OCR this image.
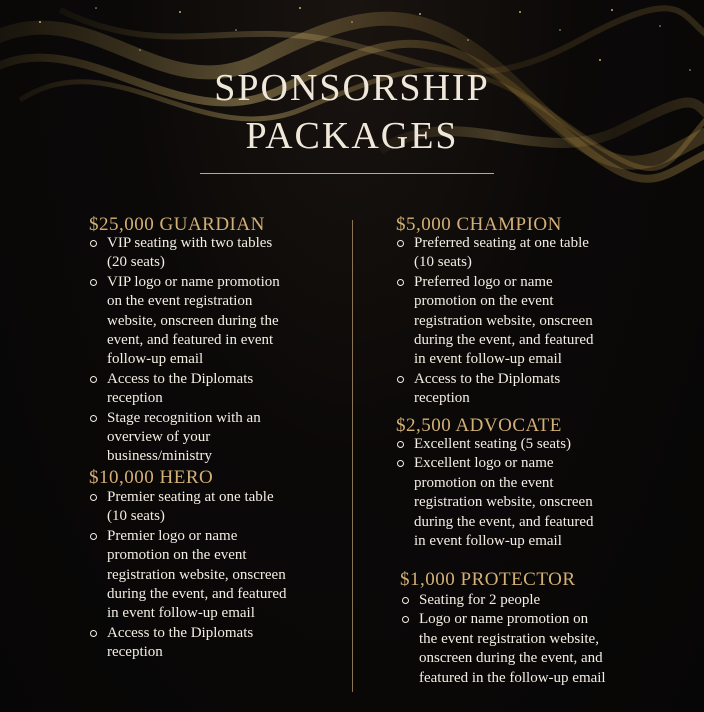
SPONSORSHIP
PACKAGES
$25,000 GUARDIAN
VIP seating with two tables
(20 seats)
VIP logo or name promotion
on the event registration
website, onscreen during the
event, and featured in event
follow-up email
Access to the Diplomats
reception
Stage recognition with an
overview of your
business/ministry
$10,000 HERO
Premier seating at one table
(10 seats)
Premier logo or name
promotion on the event
registration website, onscreen
during the event, and featured
in event follow-up email
Access to the Diplomats
reception
$5,000 CHAMPION
Preferred seating at one table
(10 seats)
Preferred logo or name
promotion on the event
registration website, onscreen
during the event, and featured
in event follow-up email
Access to the Diplomats
reception
$2,500 ADVOCATE
Excellent seating (5 seats)
Excellent logo or name
promotion on the event
registration website, onscreen
during the event, and featured
in event follow-up email
$1,000 PROTECTOR
Seating for 2 people
Logo or name promotion on
the event registration website,
onscreen during the event, and
featured in the follow-up email
